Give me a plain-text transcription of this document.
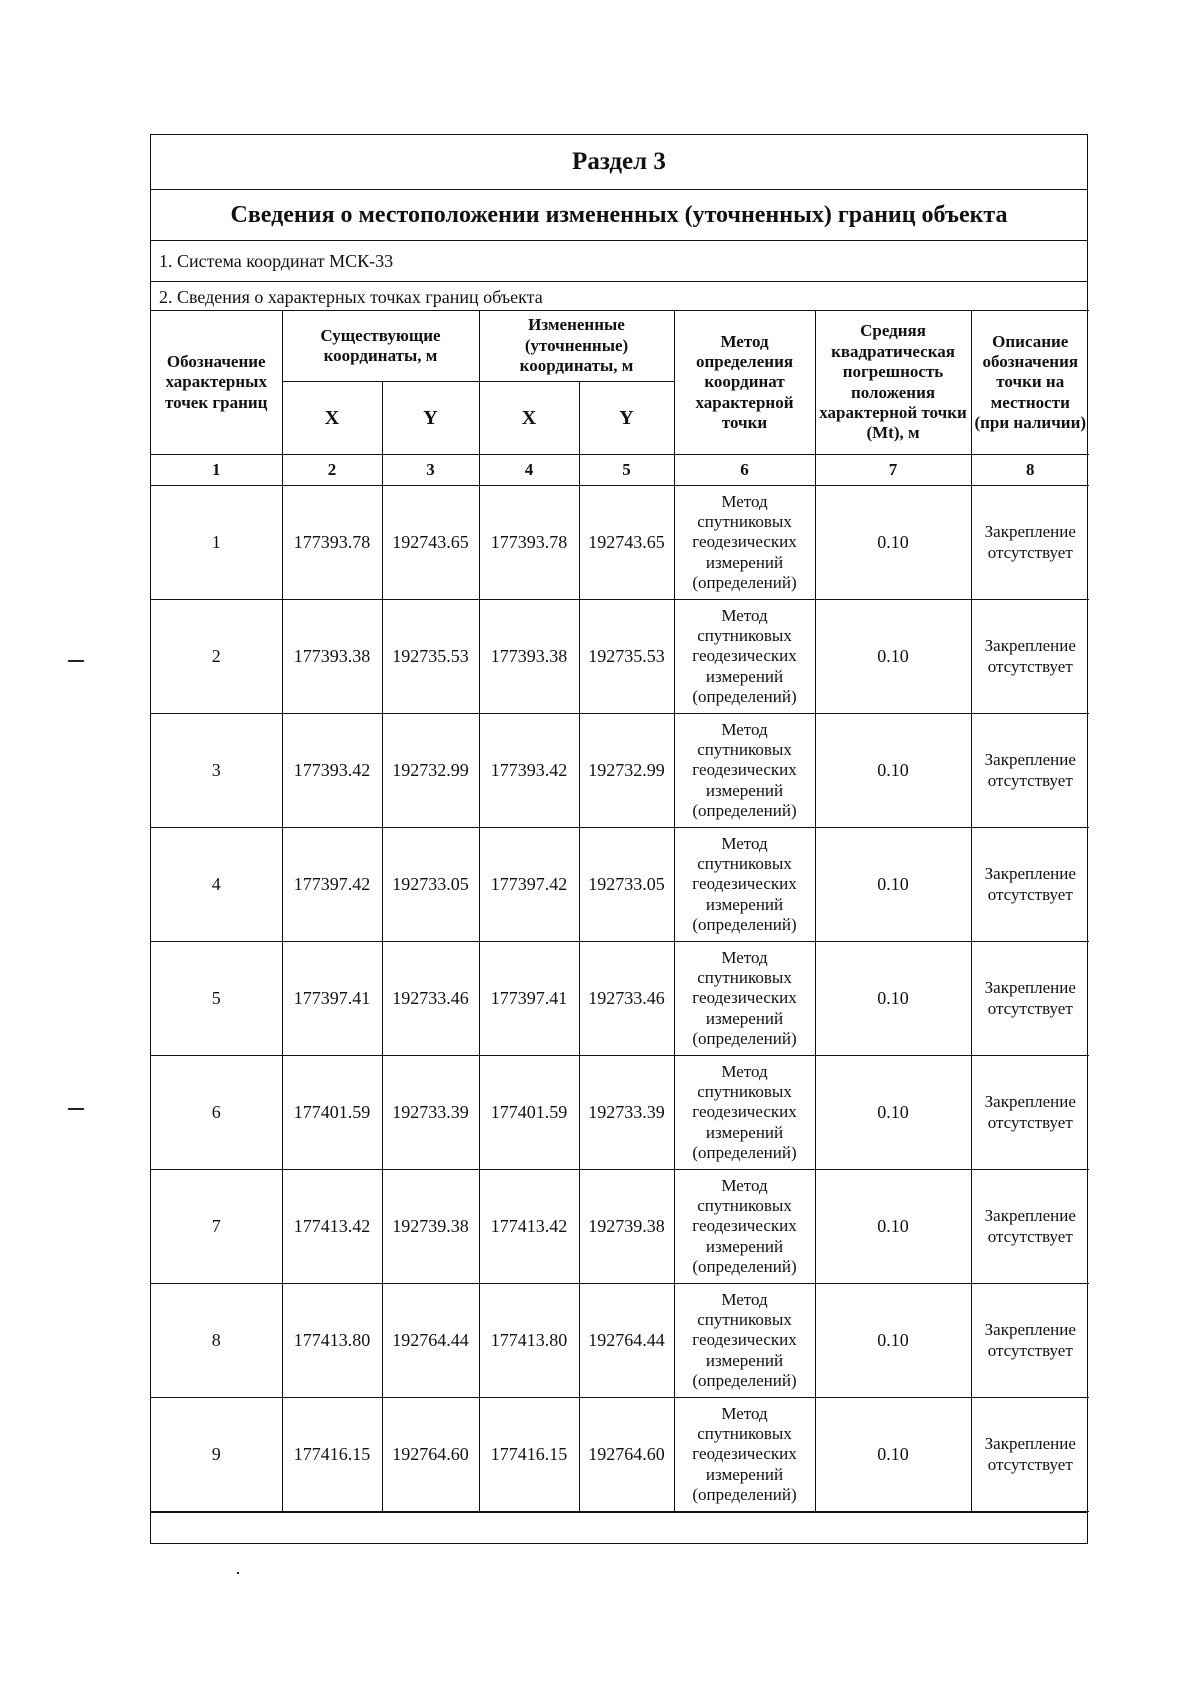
Раздел 3
Сведения о местоположении измененных (уточненных) границ объекта
1. Система координат МСК-33
2. Сведения о характерных точках границ объекта
Обозначение характерных точек границ	Существующие координаты, м		Измененные (уточненные) координаты, м		Метод определения координат характерной точки	Средняя квадратическая погрешность положения характерной точки (Mt), м	Описание обозначения точки на местности (при наличии)
	X	Y	X	Y			
1	2	3	4	5	6	7	8
1	177393.78	192743.65	177393.78	192743.65	Метод спутниковых геодезических измерений (определений)	0.10	Закрепление отсутствует
2	177393.38	192735.53	177393.38	192735.53	Метод спутниковых геодезических измерений (определений)	0.10	Закрепление отсутствует
3	177393.42	192732.99	177393.42	192732.99	Метод спутниковых геодезических измерений (определений)	0.10	Закрепление отсутствует
4	177397.42	192733.05	177397.42	192733.05	Метод спутниковых геодезических измерений (определений)	0.10	Закрепление отсутствует
5	177397.41	192733.46	177397.41	192733.46	Метод спутниковых геодезических измерений (определений)	0.10	Закрепление отсутствует
6	177401.59	192733.39	177401.59	192733.39	Метод спутниковых геодезических измерений (определений)	0.10	Закрепление отсутствует
7	177413.42	192739.38	177413.42	192739.38	Метод спутниковых геодезических измерений (определений)	0.10	Закрепление отсутствует
8	177413.80	192764.44	177413.80	192764.44	Метод спутниковых геодезических измерений (определений)	0.10	Закрепление отсутствует
9	177416.15	192764.60	177416.15	192764.60	Метод спутниковых геодезических измерений (определений)	0.10	Закрепление отсутствует
